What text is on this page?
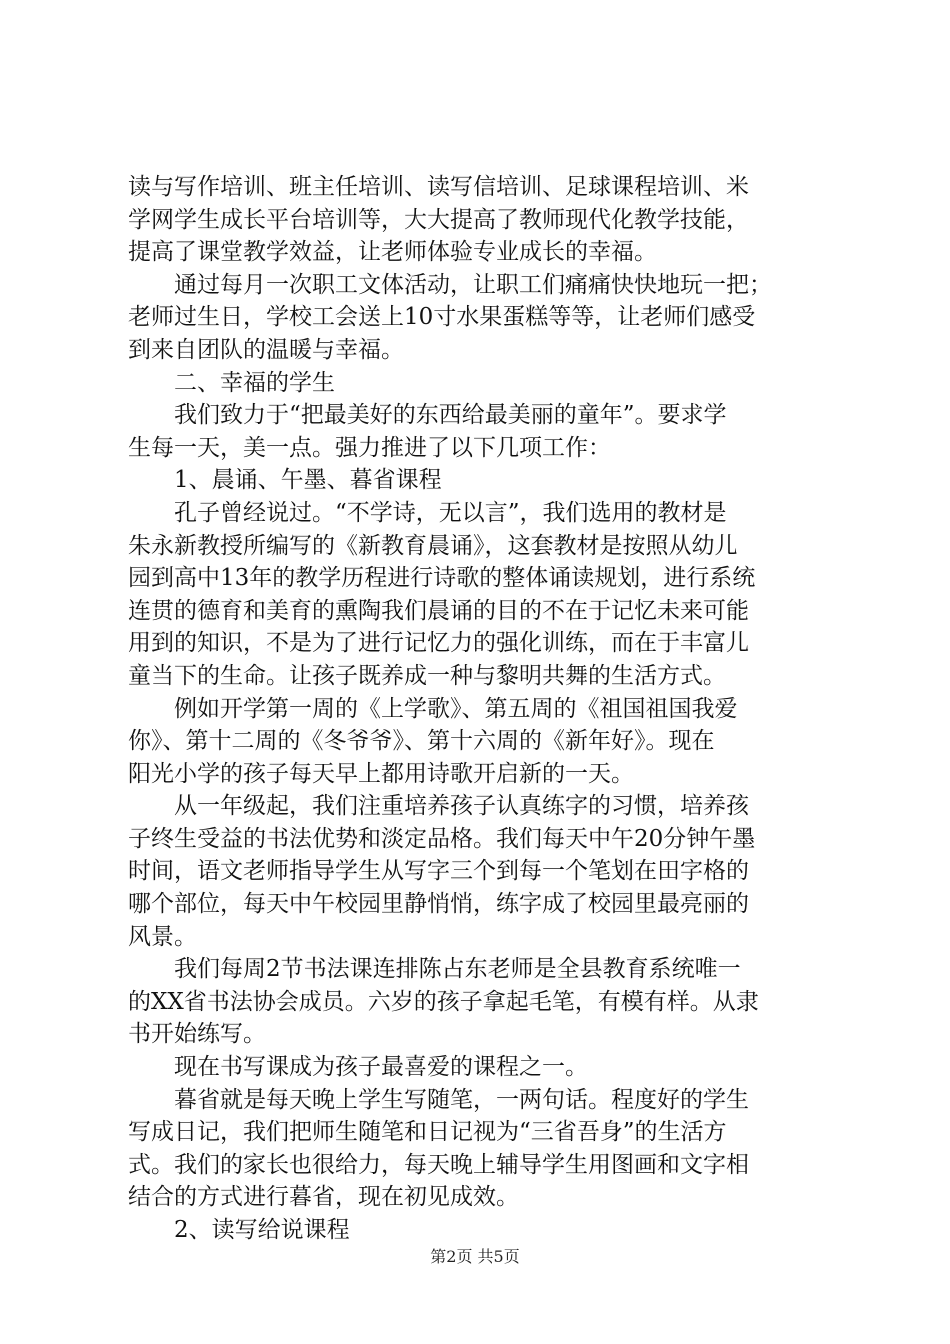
读与写作培训、班主任培训、读写信培训、足球课程培训、米
学网学生成长平台培训等，大大提高了教师现代化教学技能，
提高了课堂教学效益，让老师体验专业成长的幸福。
通过每月一次职工文体活动，让职工们痛痛快快地玩一把；
老师过生日，学校工会送上10寸水果蛋糕等等，让老师们感受
到来自团队的温暖与幸福。
二、幸福的学生
我们致力于“把最美好的东西给最美丽的童年”。要求学
生每一天，美一点。强力推进了以下几项工作：
1、晨诵、午墨、暮省课程
孔子曾经说过。“不学诗，无以言”，我们选用的教材是
朱永新教授所编写的《新教育晨诵》，这套教材是按照从幼儿
园到高中13年的教学历程进行诗歌的整体诵读规划，进行系统
连贯的德育和美育的熏陶我们晨诵的目的不在于记忆未来可能
用到的知识，不是为了进行记忆力的强化训练，而在于丰富儿
童当下的生命。让孩子既养成一种与黎明共舞的生活方式。
例如开学第一周的《上学歌》、第五周的《祖国祖国我爱
你》、第十二周的《冬爷爷》、第十六周的《新年好》。现在
阳光小学的孩子每天早上都用诗歌开启新的一天。
从一年级起，我们注重培养孩子认真练字的习惯，培养孩
子终生受益的书法优势和淡定品格。我们每天中午20分钟午墨
时间，语文老师指导学生从写字三个到每一个笔划在田字格的
哪个部位，每天中午校园里静悄悄，练字成了校园里最亮丽的
风景。
我们每周2节书法课连排陈占东老师是全县教育系统唯一
的XX省书法协会成员。六岁的孩子拿起毛笔，有模有样。从隶
书开始练写。
现在书写课成为孩子最喜爱的课程之一。
暮省就是每天晚上学生写随笔，一两句话。程度好的学生
写成日记，我们把师生随笔和日记视为“三省吾身”的生活方
式。我们的家长也很给力，每天晚上辅导学生用图画和文字相
结合的方式进行暮省，现在初见成效。
2、读写给说课程
第2页 共5页
